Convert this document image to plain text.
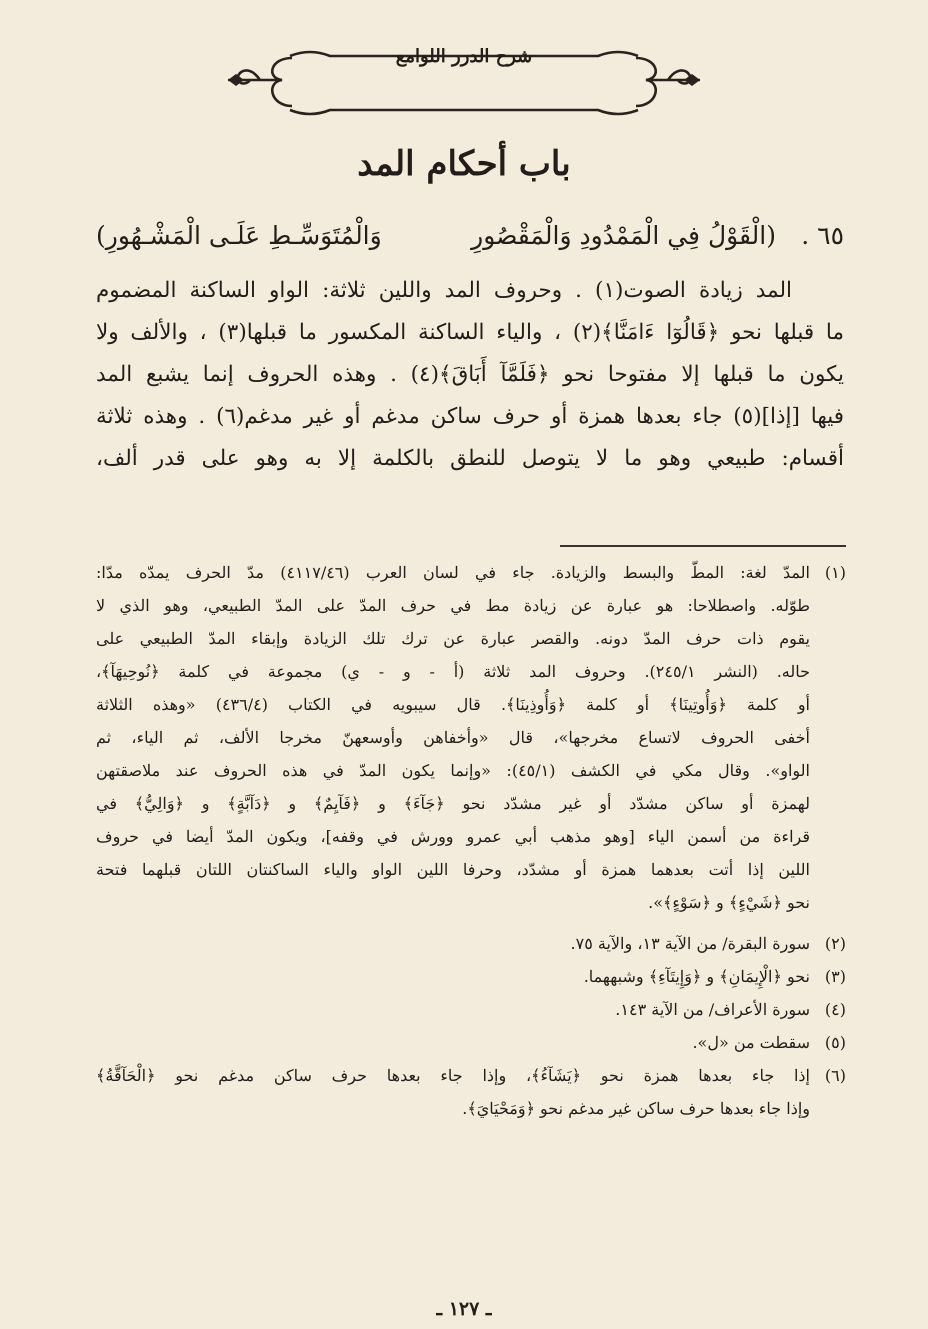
شرح الدرر اللوامع
باب أحكام المد
٦٥ .
(الْقَوْلُ فِي الْمَمْدُودِ وَالْمَقْصُورِ
وَالْمُتَوَسِّـطِ عَلَـى الْمَشْـهُورِ)
المد زيادة الصوت(١) . وحروف المد واللين ثلاثة: الواو الساكنة المضموم
ما قبلها نحو ﴿قَالُوٓا ءَامَنَّا﴾(٢) ، والياء الساكنة المكسور ما قبلها(٣) ، والألف ولا
يكون ما قبلها إلا مفتوحا نحو ﴿فَلَمَّآ أَبَاقَ﴾(٤) . وهذه الحروف إنما يشبع المد
فيها [إذا](٥) جاء بعدها همزة أو حرف ساكن مدغم أو غير مدغم(٦) . وهذه ثلاثة
أقسام: طبيعي وهو ما لا يتوصل للنطق بالكلمة إلا به وهو على قدر ألف،
(١)المدّ لغة: المطّ والبسط والزيادة. جاء في لسان العرب (٤١١٧/٤٦) مدّ الحرف يمدّه مدّا:
طوّله. واصطلاحا: هو عبارة عن زيادة مط في حرف المدّ على المدّ الطبيعي، وهو الذي لا
يقوم ذات حرف المدّ دونه. والقصر عبارة عن ترك تلك الزيادة وإبقاء المدّ الطبيعي على
حاله. (النشر ٢٤٥/١). وحروف المد ثلاثة (أ - و - ي) مجموعة في كلمة ﴿نُوحِيهَآ﴾،
أو كلمة ﴿وَأُوتِينَا﴾ أو كلمة ﴿وَأُوذِينَا﴾. قال سيبويه في الكتاب (٤٣٦/٤) «وهذه الثلاثة
أخفى الحروف لاتساع مخرجها»، قال «وأخفاهن وأوسعهنّ مخرجا الألف، ثم الياء، ثم
الواو». وقال مكي في الكشف (٤٥/١): «وإنما يكون المدّ في هذه الحروف عند ملاصقتهن
لهمزة أو ساكن مشدّد أو غير مشدّد نحو ﴿جَآءَ﴾ و ﴿فَآيِمٌ﴾ و ﴿دَآبَّةٍ﴾ و ﴿وَالِيُّ﴾ في
قراءة من أسمن الياء [وهو مذهب أبي عمرو وورش في وقفه]، ويكون المدّ أيضا في حروف
اللين إذا أتت بعدهما همزة أو مشدّد، وحرفا اللين الواو والياء الساكنتان اللتان قبلهما فتحة
نحو ﴿شَيْءٍ﴾ و ﴿سَوْءٍ﴾».
(٢)سورة البقرة/ من الآية ١٣، والآية ٧٥.
(٣)نحو ﴿الْإِيمَانِ﴾ و ﴿وَإِيتَآءِ﴾ وشبههما.
(٤)سورة الأعراف/ من الآية ١٤٣.
(٥)سقطت من «ل».
(٦)إذا جاء بعدها همزة نحو ﴿يَشَآءُ﴾، وإذا جاء بعدها حرف ساكن مدغم نحو ﴿الْحَآقَّةُ﴾
وإذا جاء بعدها حرف ساكن غير مدغم نحو ﴿وَمَحْيَايَ﴾.
ـ ١٢٧ ـ
